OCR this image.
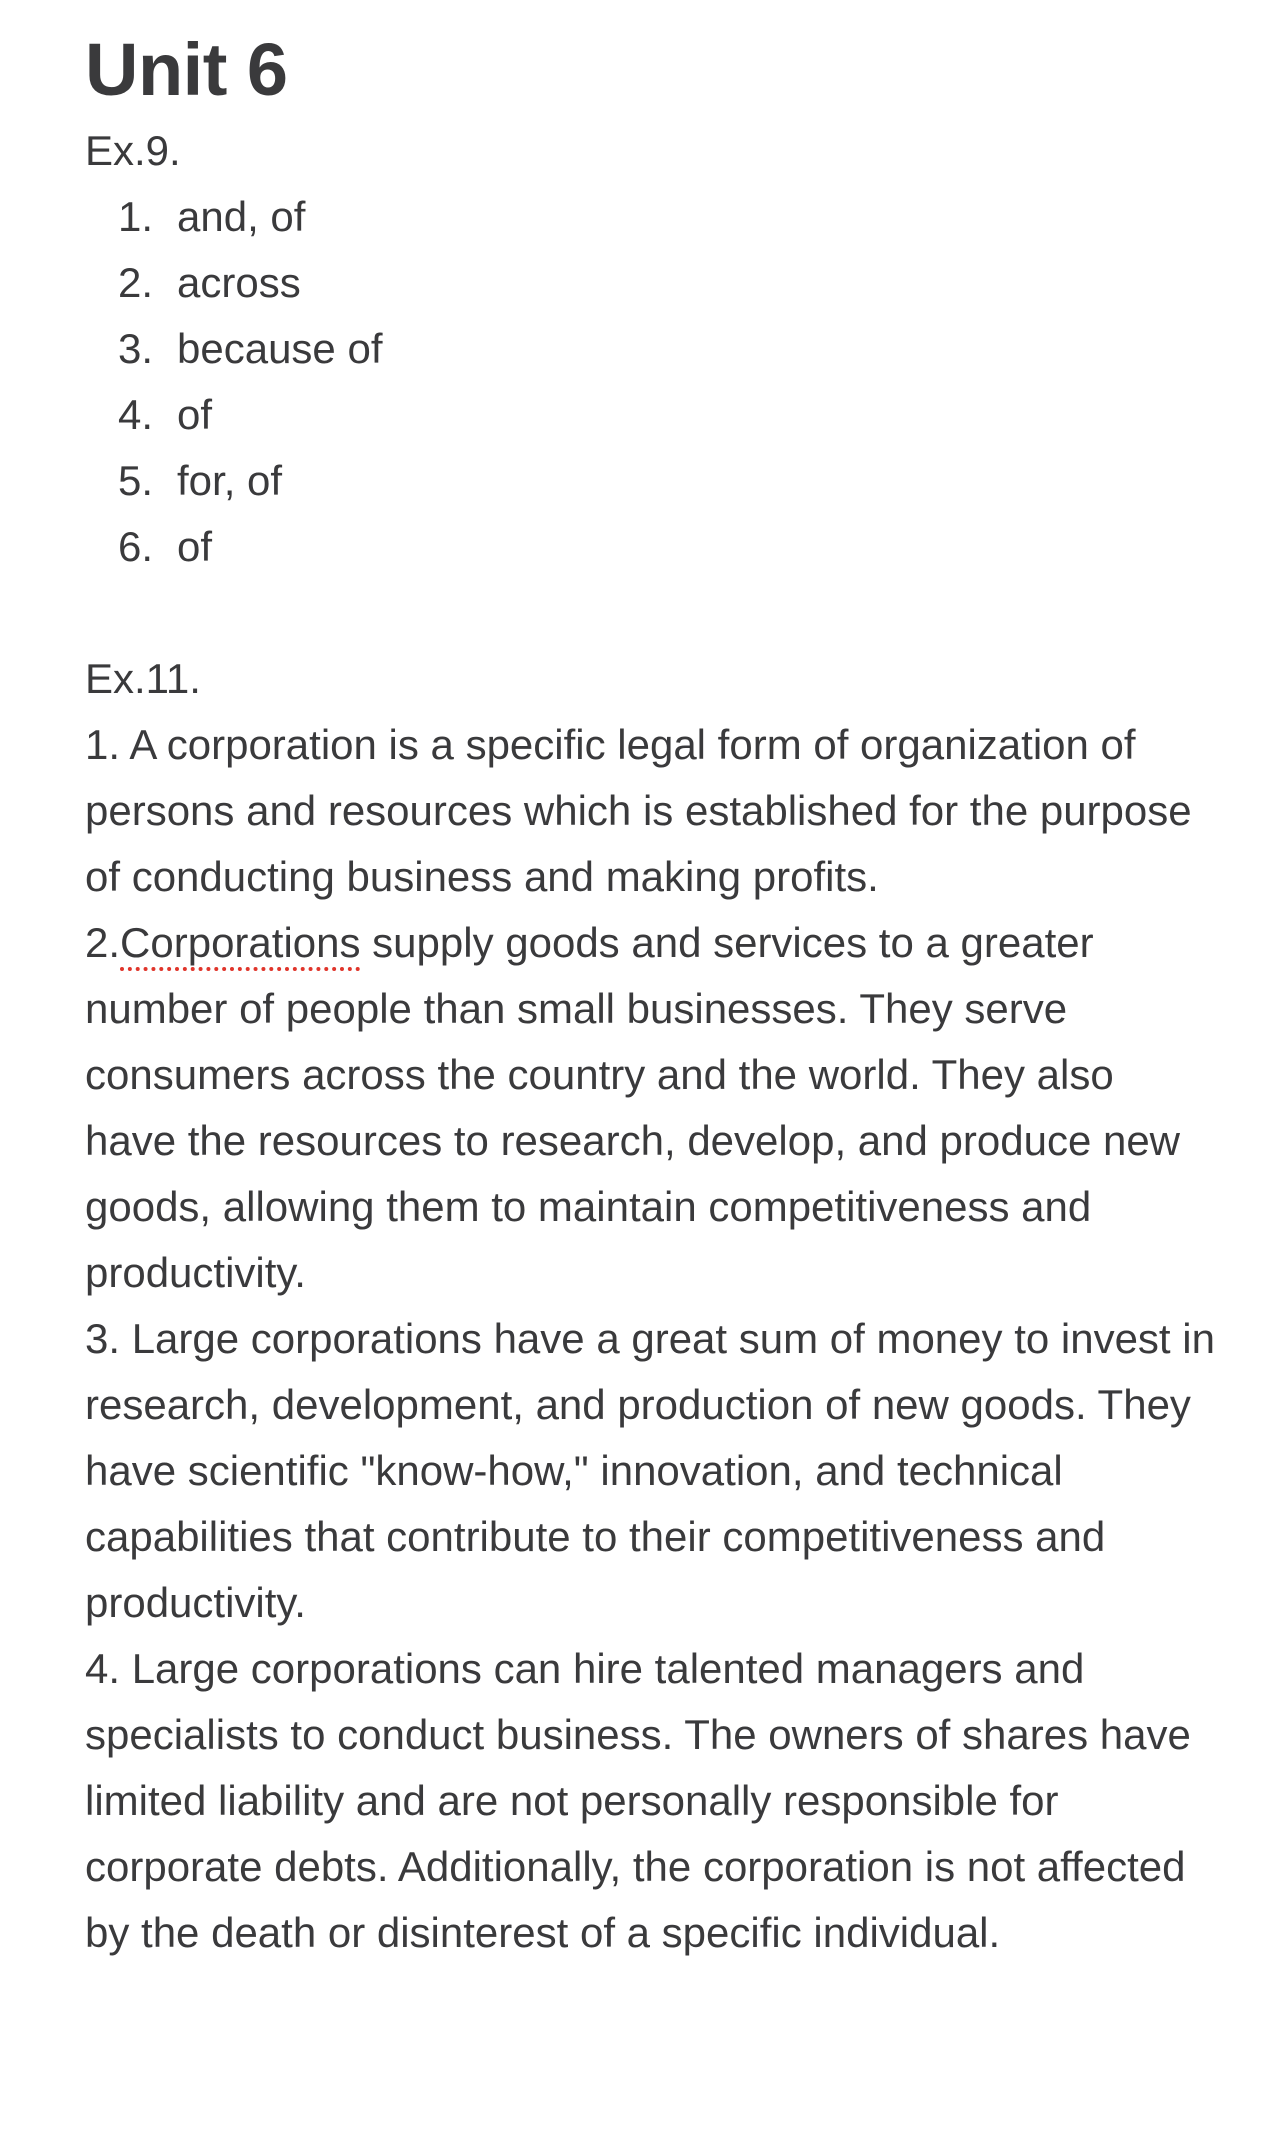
Unit 6
Ex.9.
1. and, of
2. across
3. because of
4. of
5. for, of
6. of
Ex.11.

1. A corporation is a specific legal form of organization of persons and resources which is established for the purpose of conducting business and making profits.

2.Corporations supply goods and services to a greater number of people than small businesses. They serve consumers across the country and the world. They also have the resources to research, develop, and produce new goods, allowing them to maintain competitiveness and productivity.

3. Large corporations have a great sum of money to invest in research, development, and production of new goods. They have scientific "know-how," innovation, and technical capabilities that contribute to their competitiveness and productivity.

4. Large corporations can hire talented managers and specialists to conduct business. The owners of shares have limited liability and are not personally responsible for corporate debts. Additionally, the corporation is not affected by the death or disinterest of a specific individual.
